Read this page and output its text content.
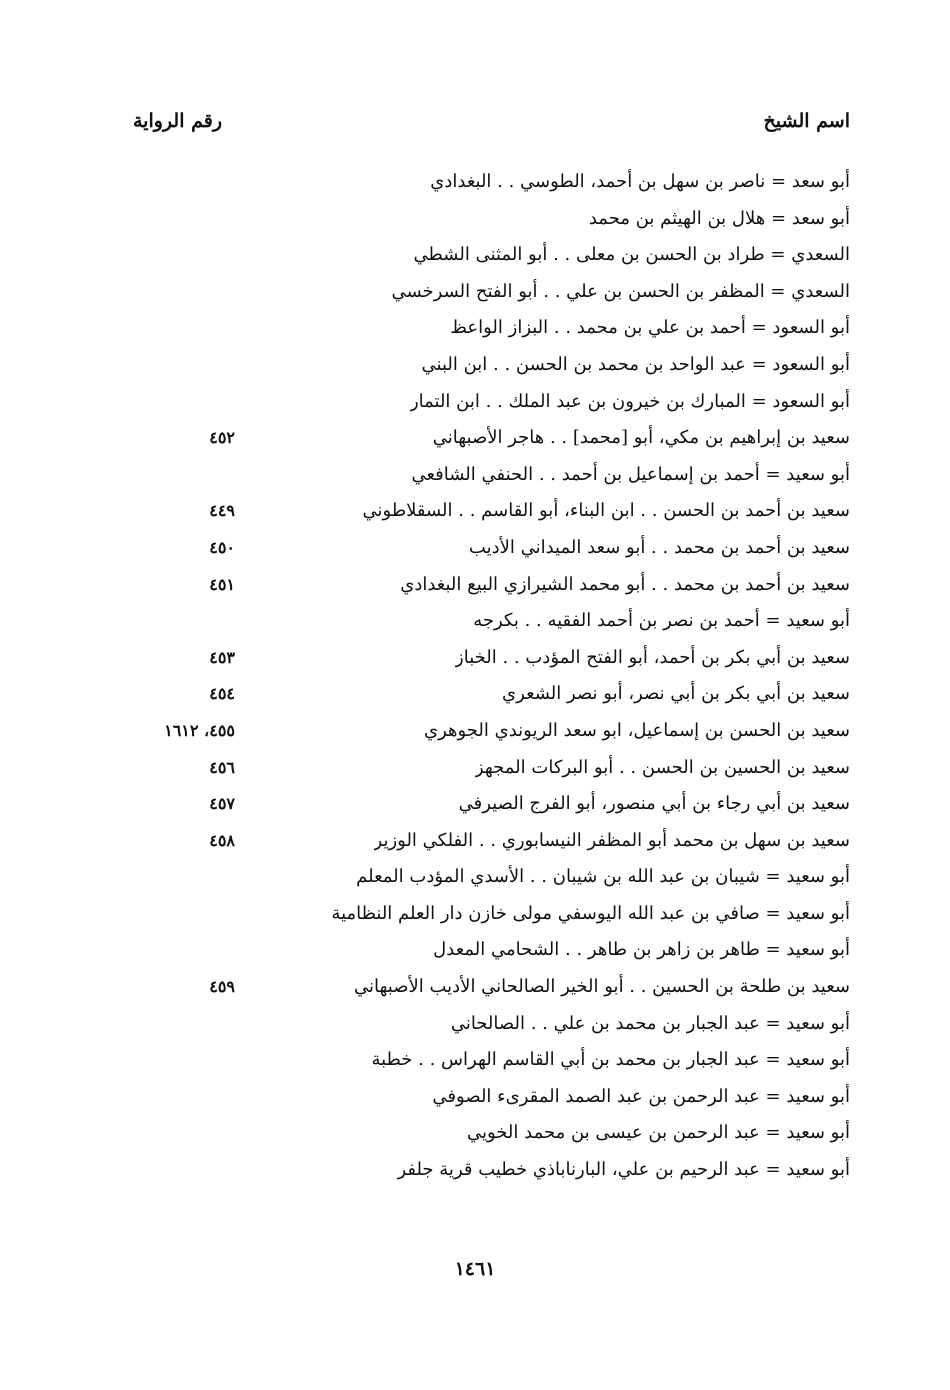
رقم الرواية	اسم الشيخ
أبو سعد = ناصر بن سهل بن أحمد، الطوسي . . البغدادي
أبو سعد = هلال بن الهيثم بن محمد
السعدي = طراد بن الحسن بن معلى . . أبو المثنى الشطي
السعدي = المظفر بن الحسن بن علي . . أبو الفتح السرخسي
أبو السعود = أحمد بن علي بن محمد . . البزاز الواعظ
أبو السعود = عبد الواحد بن محمد بن الحسن . . ابن البني
أبو السعود = المبارك بن خيرون بن عبد الملك . . ابن التمار
سعيد بن إبراهيم بن مكي، أبو [محمد] . . هاجر الأصبهاني
٤٥٢
أبو سعيد = أحمد بن إسماعيل بن أحمد . . الحنفي الشافعي
سعيد بن أحمد بن الحسن . . ابن البناء، أبو القاسم . . السقلاطوني
٤٤٩
سعيد بن أحمد بن محمد . . أبو سعد الميداني الأديب
٤٥٠
سعيد بن أحمد بن محمد . . أبو محمد الشيرازي البيع البغدادي
٤٥١
أبو سعيد = أحمد بن نصر بن أحمد الفقيه . . بكرجه
سعيد بن أبي بكر بن أحمد، أبو الفتح المؤدب . . الخباز
٤٥٣
سعيد بن أبي بكر بن أبي نصر، أبو نصر الشعري
٤٥٤
سعيد بن الحسن بن إسماعيل، ابو سعد الريوندي الجوهري
٤٥٥، ١٦١٢
سعيد بن الحسين بن الحسن . . أبو البركات المجهز
٤٥٦
سعيد بن أبي رجاء بن أبي منصور، أبو الفرج الصيرفي
٤٥٧
سعيد بن سهل بن محمد أبو المظفر النيسابوري . . الفلكي الوزير
٤٥٨
أبو سعيد = شيبان بن عبد الله بن شيبان . . الأسدي المؤدب المعلم
أبو سعيد = صافي بن عبد الله اليوسفي مولى خازن دار العلم النظامية
أبو سعيد = طاهر بن زاهر بن طاهر . . الشحامي المعدل
سعيد بن طلحة بن الحسين . . أبو الخير الصالحاني الأديب الأصبهاني
٤٥٩
أبو سعيد = عبد الجبار بن محمد بن علي . . الصالحاني
أبو سعيد = عبد الجبار بن محمد بن أبي القاسم الهراس . . خطبة
أبو سعيد = عبد الرحمن بن عبد الصمد المقرىء الصوفي
أبو سعيد = عبد الرحمن بن عيسى بن محمد الخويي
أبو سعيد = عبد الرحيم بن علي، البارناباذي خطيب قرية جلفر
١٤٦١
